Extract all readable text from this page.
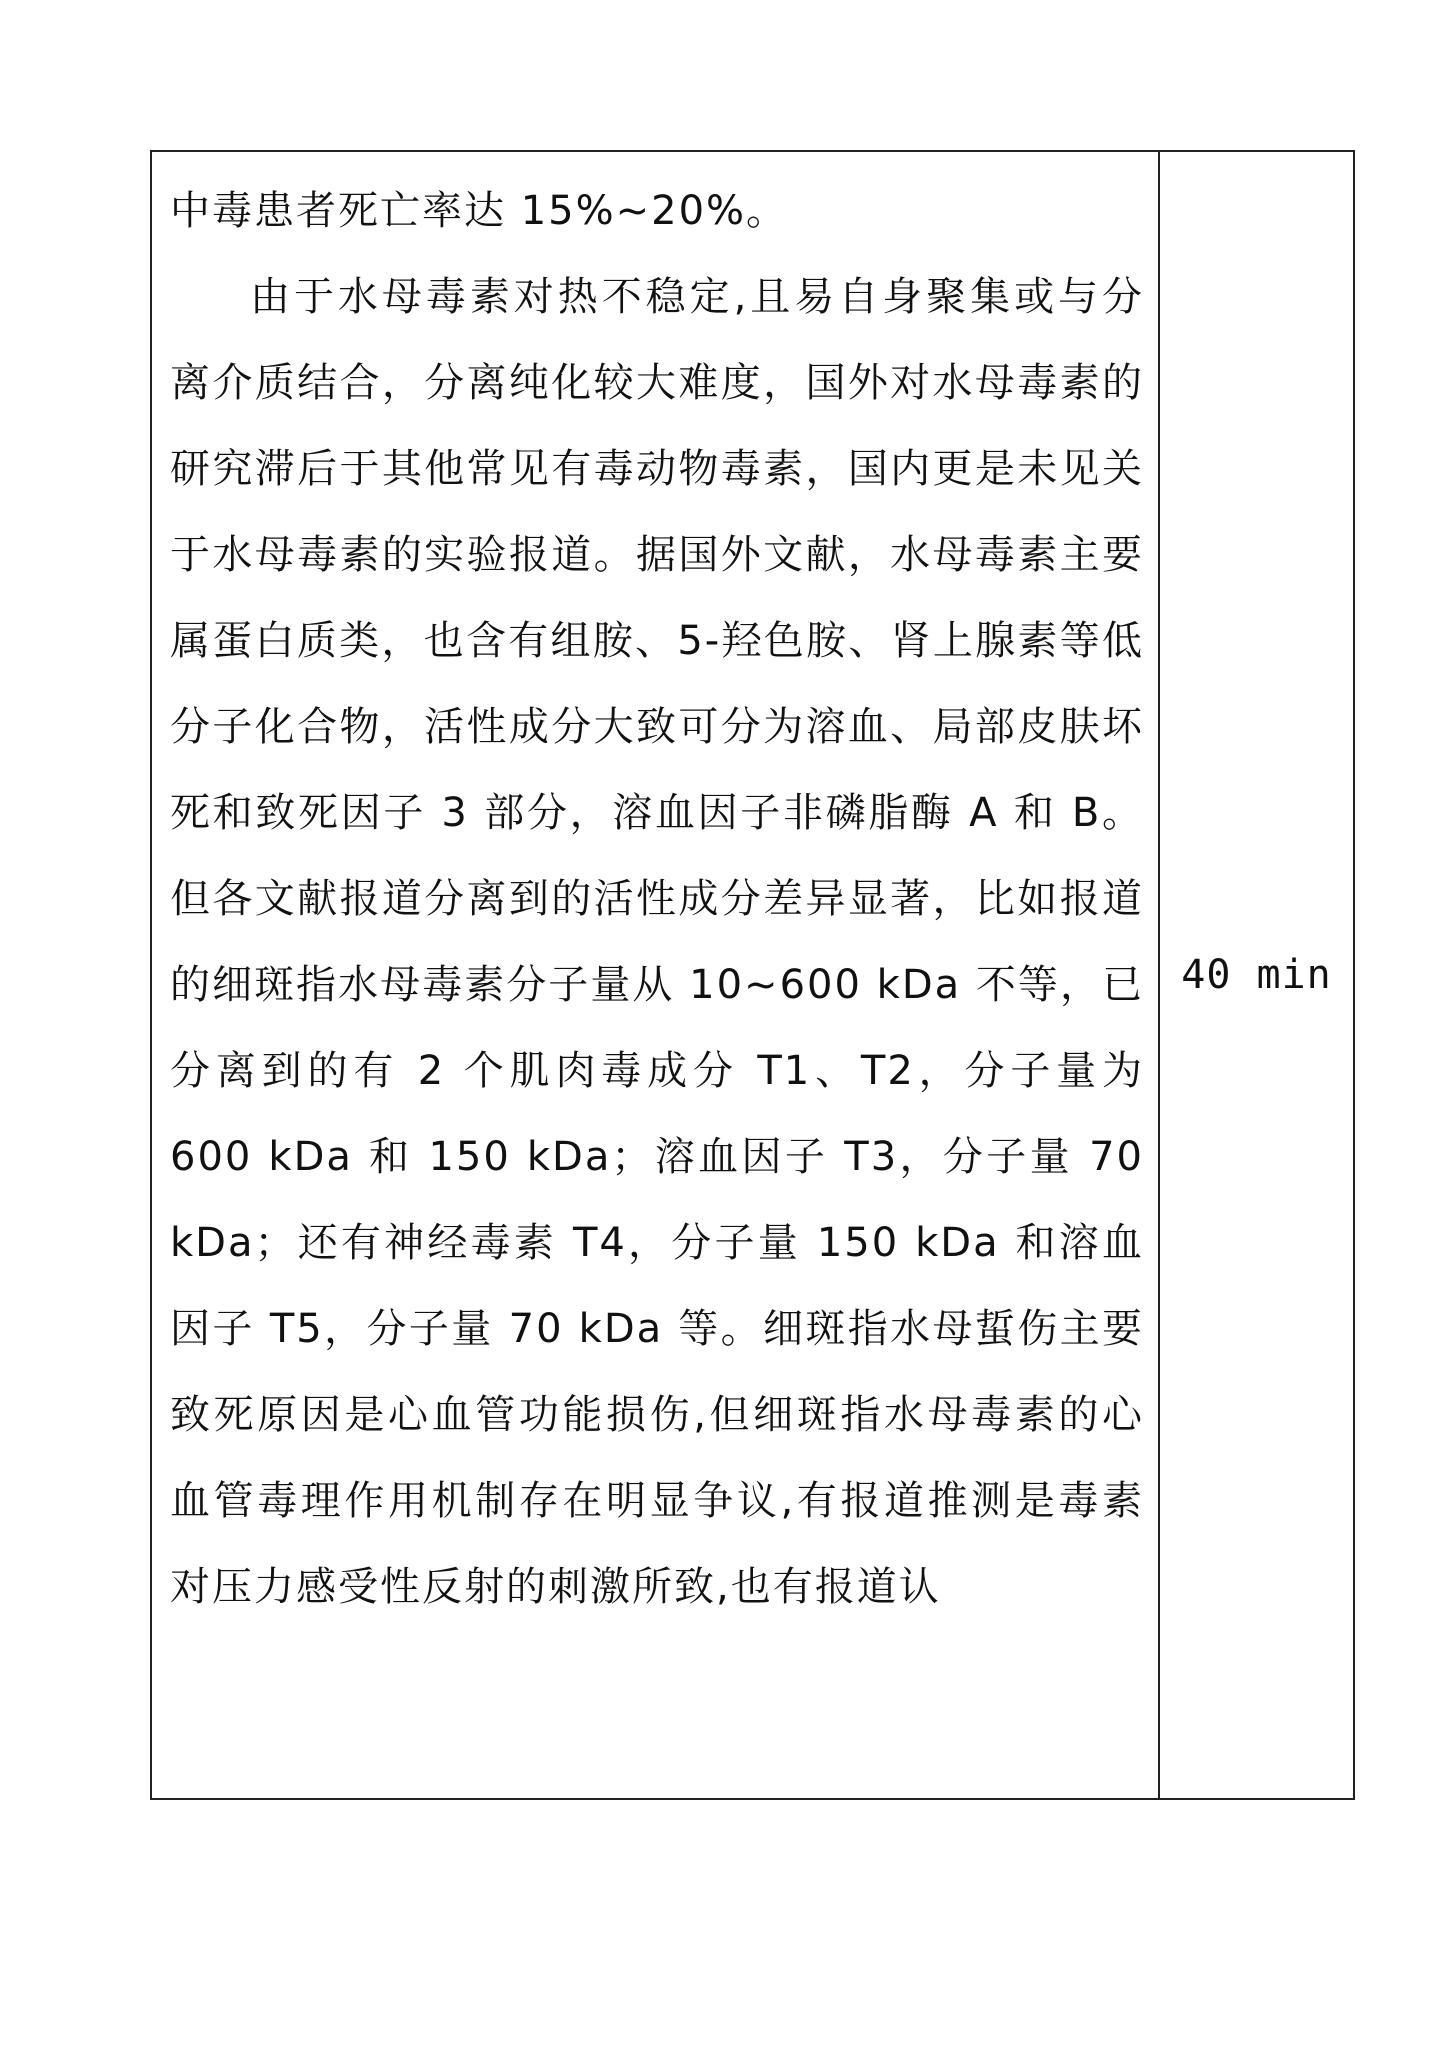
中毒患者死亡率达 15%~20%。

由于水母毒素对热不稳定,且易自身聚集或与分离介质结合，分离纯化较大难度，国外对水母毒素的研究滞后于其他常见有毒动物毒素，国内更是未见关于水母毒素的实验报道。据国外文献，水母毒素主要属蛋白质类，也含有组胺、5-羟色胺、肾上腺素等低分子化合物，活性成分大致可分为溶血、局部皮肤坏死和致死因子 3 部分，溶血因子非磷脂酶 A 和 B。但各文献报道分离到的活性成分差异显著，比如报道的细斑指水母毒素分子量从 10~600 kDa 不等，已分离到的有 2 个肌肉毒成分 T1、T2，分子量为 600 kDa 和 150 kDa；溶血因子 T3，分子量 70 kDa；还有神经毒素 T4，分子量 150 kDa 和溶血因子 T5，分子量 70 kDa 等。细斑指水母蜇伤主要致死原因是心血管功能损伤,但细斑指水母毒素的心血管毒理作用机制存在明显争议,有报道推测是毒素对压力感受性反射的刺激所致,也有报道认

40 min
